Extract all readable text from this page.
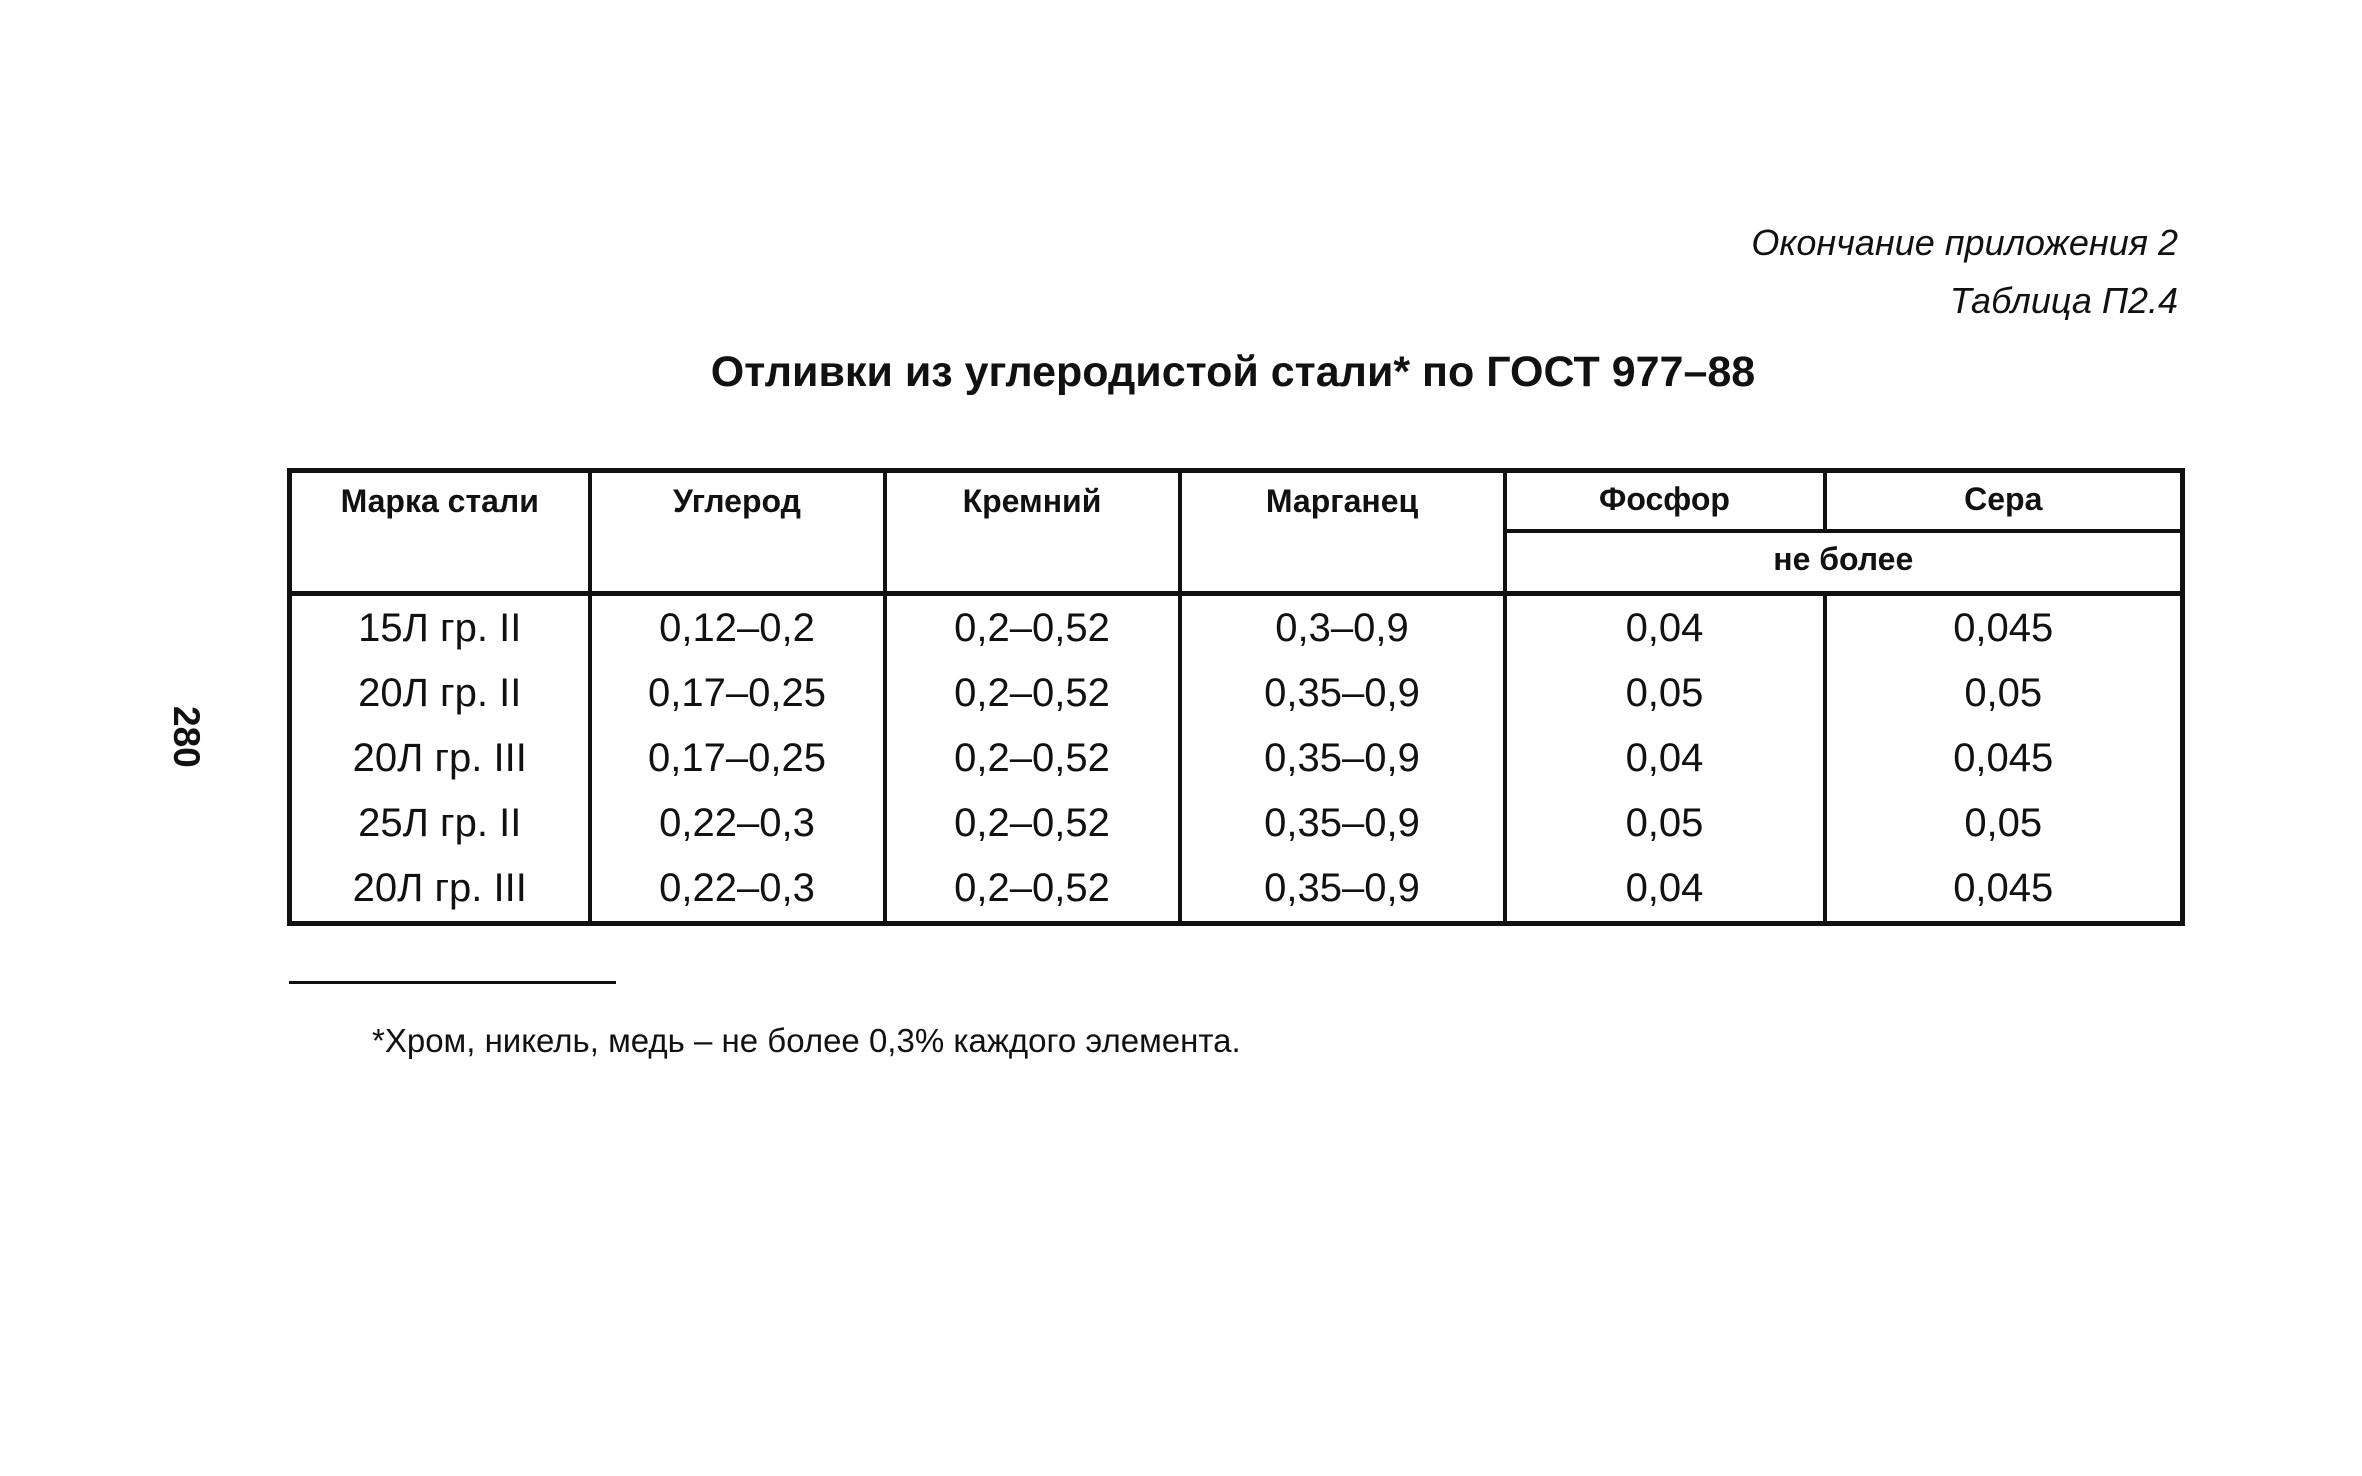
Окончание приложения 2
Таблица П2.4
Отливки из углеродистой стали* по ГОСТ 977–88
280
Марка стали	Углерод	Кремний	Марганец	Фосфор	Сера
				не более	
15Л гр. II	0,12–0,2	0,2–0,52	0,3–0,9	0,04	0,045
20Л гр. II	0,17–0,25	0,2–0,52	0,35–0,9	0,05	0,05
20Л гр. III	0,17–0,25	0,2–0,52	0,35–0,9	0,04	0,045
25Л гр. II	0,22–0,3	0,2–0,52	0,35–0,9	0,05	0,05
20Л гр. III	0,22–0,3	0,2–0,52	0,35–0,9	0,04	0,045
*Хром, никель, медь – не более 0,3% каждого элемента.
